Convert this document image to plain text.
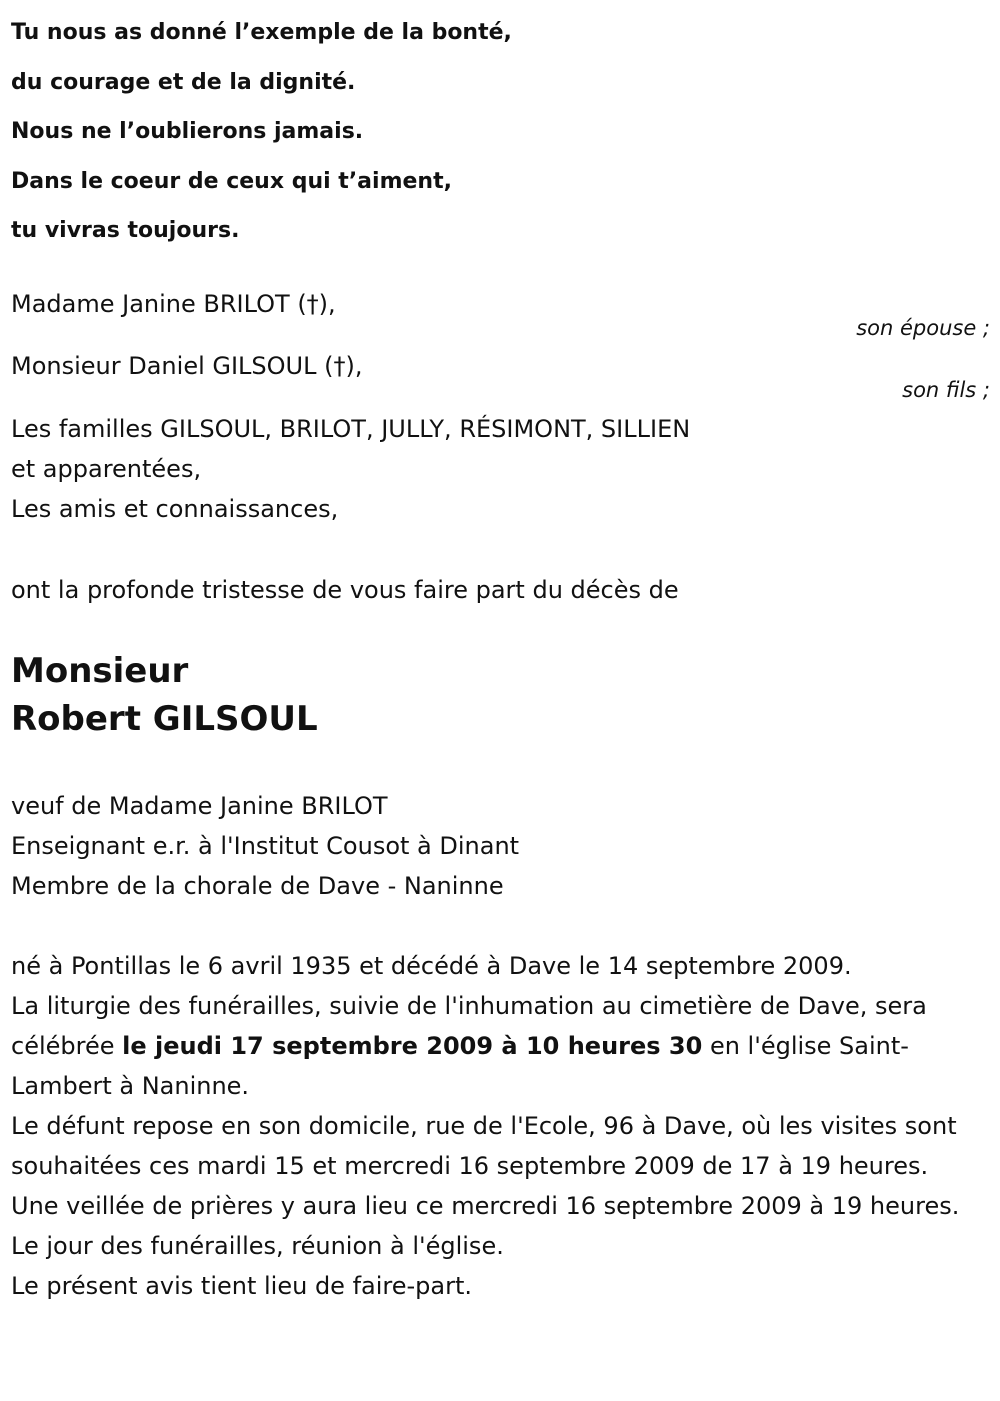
Tu nous as donné l’exemple de la bonté,
du courage et de la dignité.
Nous ne l’oublierons jamais.
Dans le coeur de ceux qui t’aiment,
tu vivras toujours.
Madame Janine BRILOT (†),
son épouse ;
Monsieur Daniel GILSOUL (†),
son fils ;
Les familles GILSOUL, BRILOT, JULLY, RÉSIMONT, SILLIEN
et apparentées,
Les amis et connaissances,
ont la profonde tristesse de vous faire part du décès de
Monsieur
Robert GILSOUL
veuf de Madame Janine BRILOT
Enseignant e.r. à l'Institut Cousot à Dinant
Membre de la chorale de Dave - Naninne

né à Pontillas le 6 avril 1935 et décédé à Dave le 14 septembre 2009.

La liturgie des funérailles, suivie de l'inhumation au cimetière de Dave, sera célébrée le jeudi 17 septembre 2009 à 10 heures 30 en l'église Saint-Lambert à Naninne.

Le défunt repose en son domicile, rue de l'Ecole, 96 à Dave, où les visites sont souhaitées ces mardi 15 et mercredi 16 septembre 2009 de 17 à 19 heures.

Une veillée de prières y aura lieu ce mercredi 16 septembre 2009 à 19 heures.

Le jour des funérailles, réunion à l'église.

Le présent avis tient lieu de faire-part.
